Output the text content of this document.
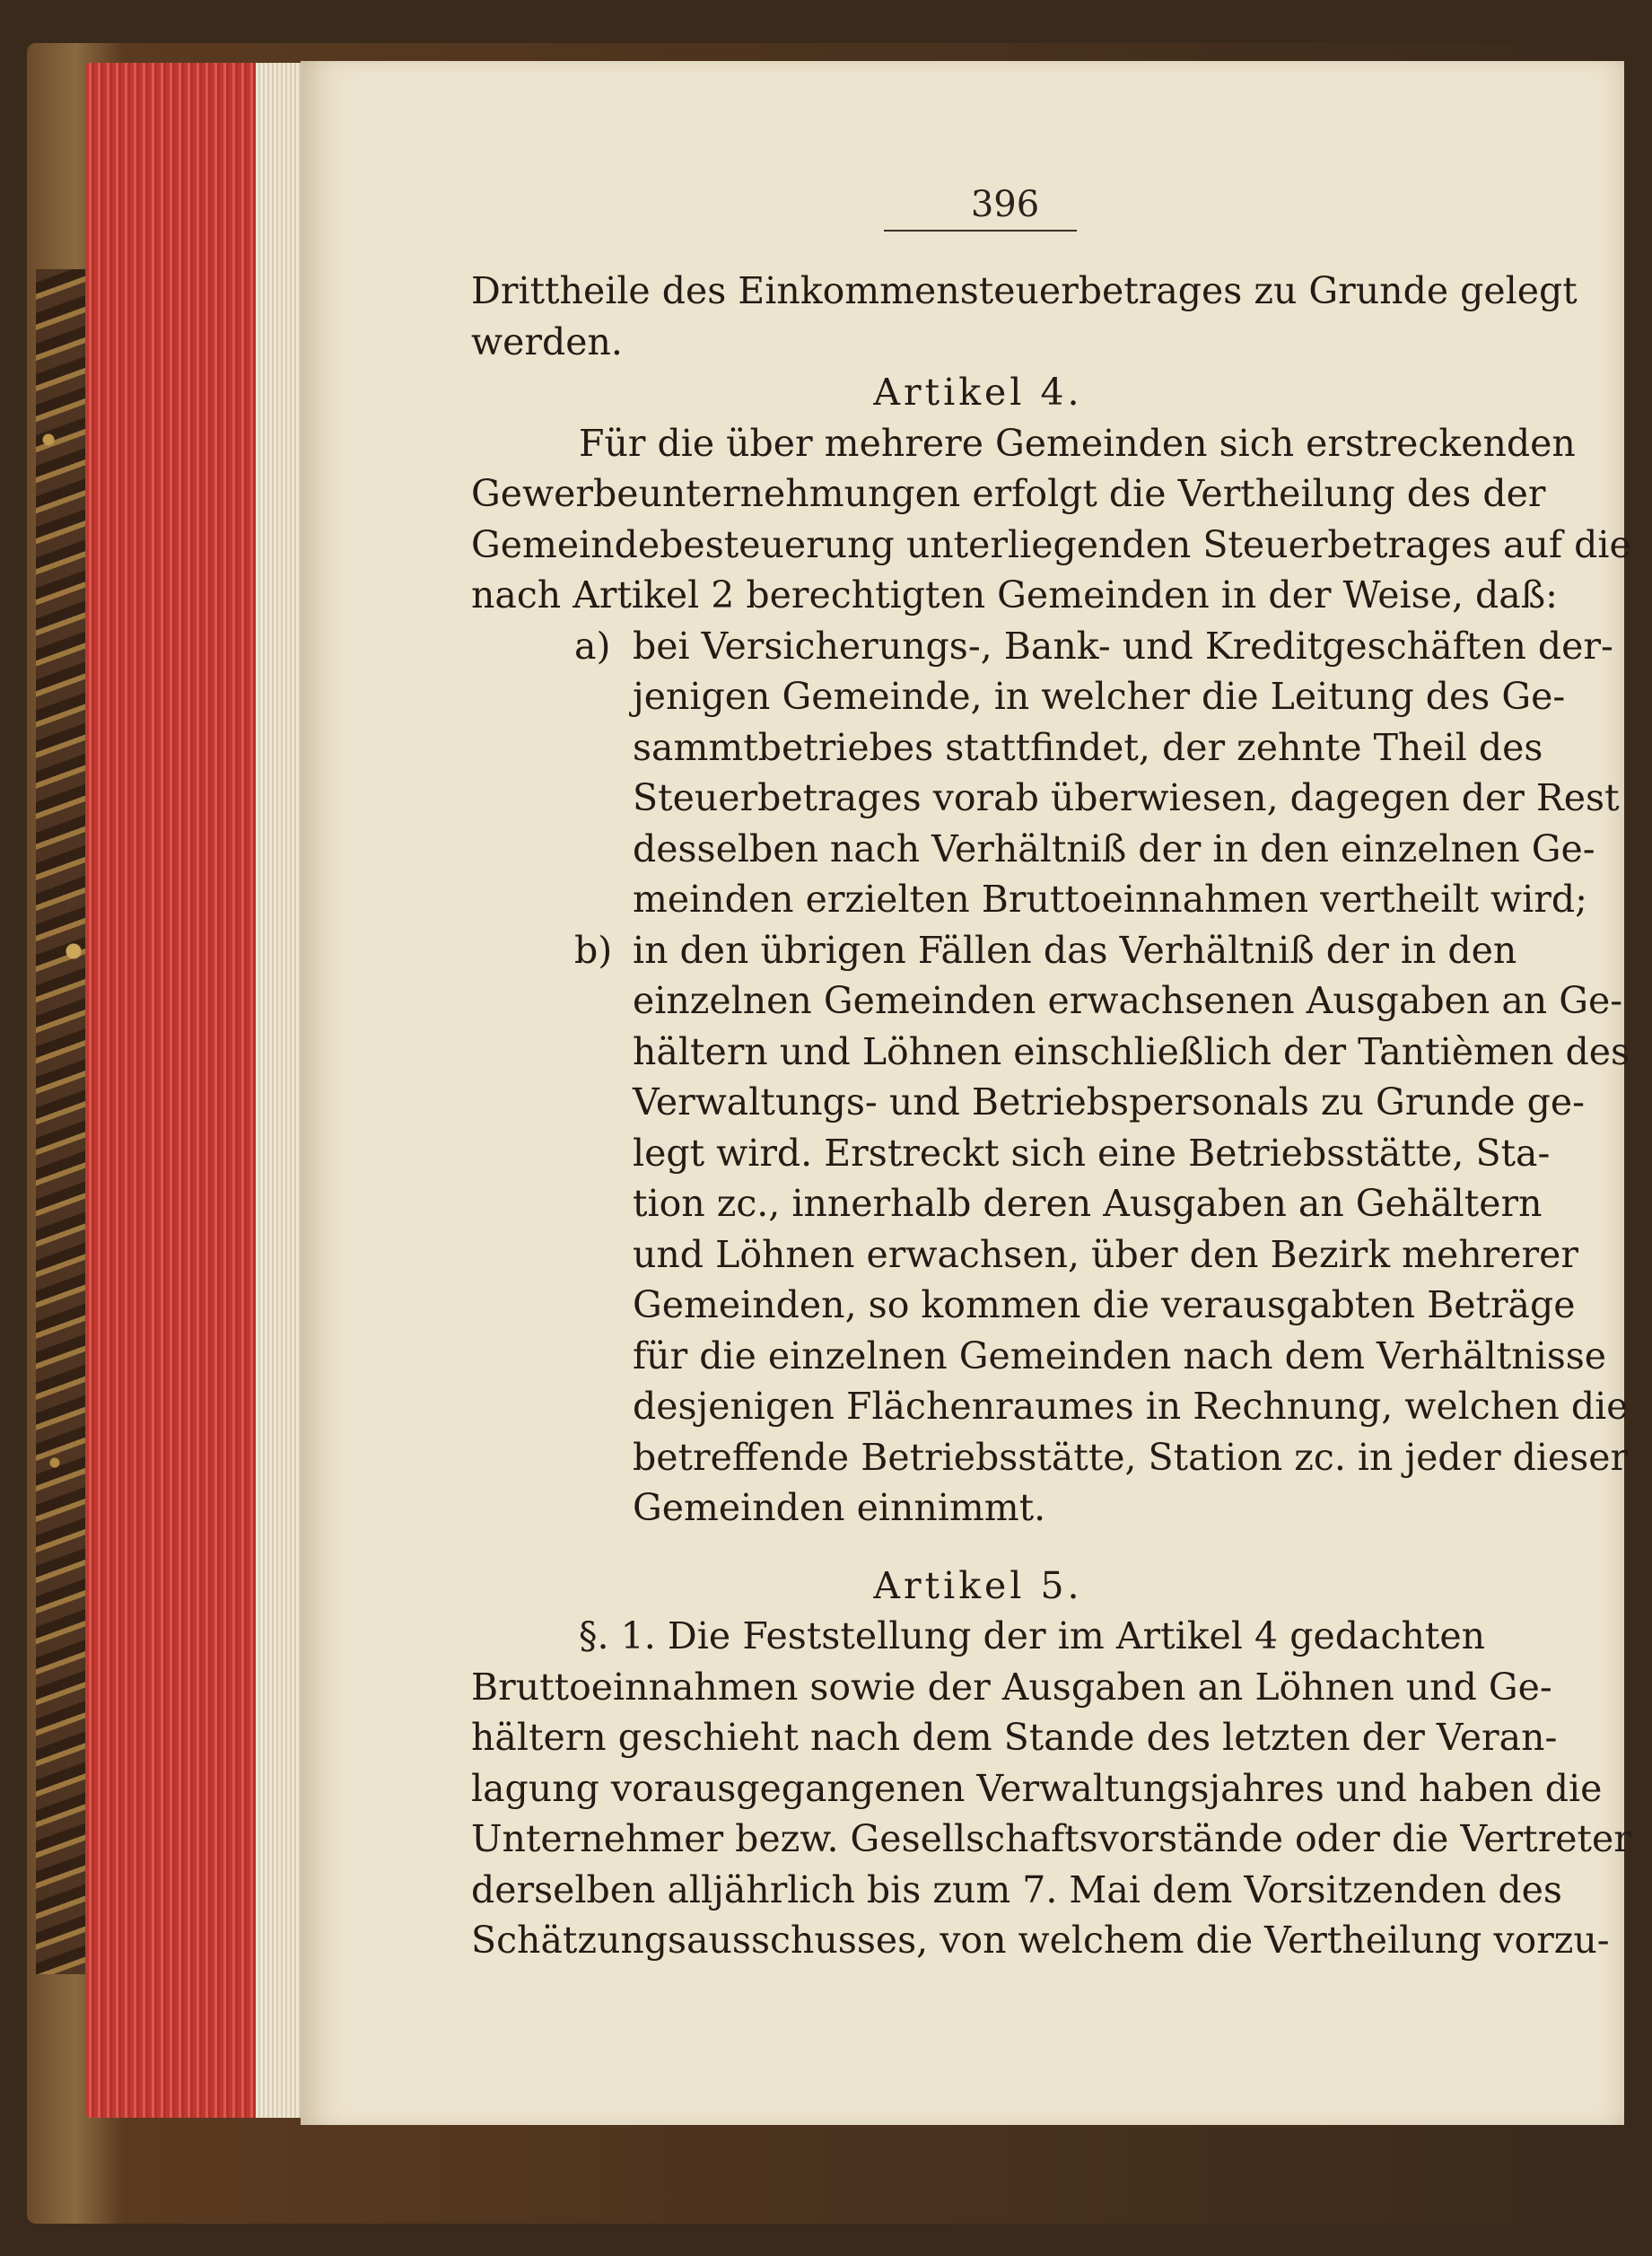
396
Drittheile des Einkommensteuerbetrages zu Grunde gelegt
werden.
Artikel 4.
Für die über mehrere Gemeinden sich erstreckenden
Gewerbeunternehmungen erfolgt die Vertheilung des der
Gemeindebesteuerung unterliegenden Steuerbetrages auf die
nach Artikel 2 berechtigten Gemeinden in der Weise, daß:
a) bei Versicherungs-, Bank- und Kreditgeschäften der-
jenigen Gemeinde, in welcher die Leitung des Ge-
sammtbetriebes stattfindet, der zehnte Theil des
Steuerbetrages vorab überwiesen, dagegen der Rest
desselben nach Verhältniß der in den einzelnen Ge-
meinden erzielten Bruttoeinnahmen vertheilt wird;
b) in den übrigen Fällen das Verhältniß der in den
einzelnen Gemeinden erwachsenen Ausgaben an Ge-
hältern und Löhnen einschließlich der Tantièmen des
Verwaltungs- und Betriebspersonals zu Grunde ge-
legt wird. Erstreckt sich eine Betriebsstätte, Sta-
tion zc., innerhalb deren Ausgaben an Gehältern
und Löhnen erwachsen, über den Bezirk mehrerer
Gemeinden, so kommen die verausgabten Beträge
für die einzelnen Gemeinden nach dem Verhältnisse
desjenigen Flächenraumes in Rechnung, welchen die
betreffende Betriebsstätte, Station zc. in jeder dieser
Gemeinden einnimmt.
Artikel 5.
§. 1. Die Feststellung der im Artikel 4 gedachten
Bruttoeinnahmen sowie der Ausgaben an Löhnen und Ge-
hältern geschieht nach dem Stande des letzten der Veran-
lagung vorausgegangenen Verwaltungsjahres und haben die
Unternehmer bezw. Gesellschaftsvorstände oder die Vertreter
derselben alljährlich bis zum 7. Mai dem Vorsitzenden des
Schätzungsausschusses, von welchem die Vertheilung vorzu-
